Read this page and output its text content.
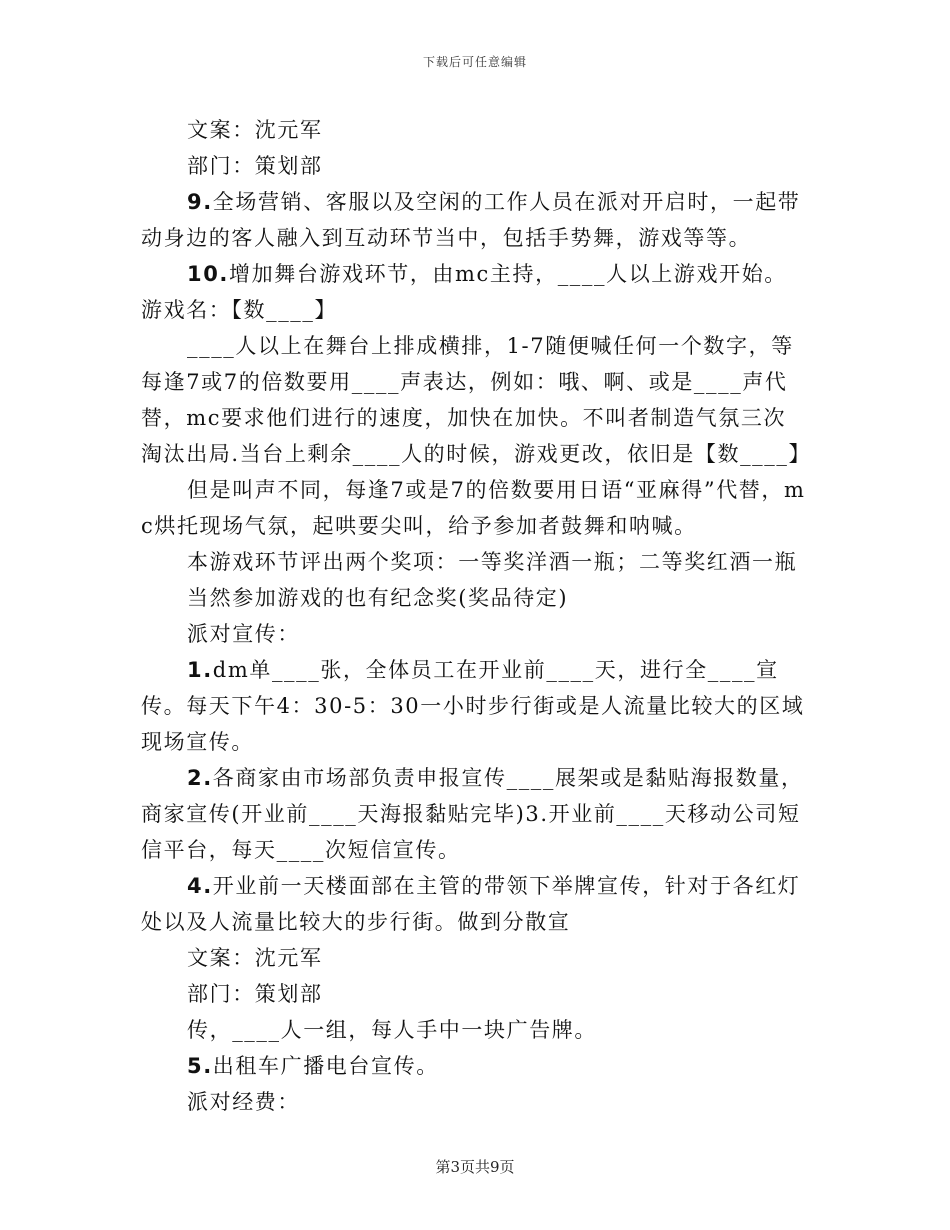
下载后可任意编辑

文案：沈元军

部门：策划部

9.全场营销、客服以及空闲的工作人员在派对开启时，一起带动身边的客人融入到互动环节当中，包括手势舞，游戏等等。

10.增加舞台游戏环节，由mc主持，____人以上游戏开始。游戏名：【数____】

____人以上在舞台上排成横排，1-7随便喊任何一个数字，等每逢7或7的倍数要用____声表达，例如：哦、啊、或是____声代替，mc要求他们进行的速度，加快在加快。不叫者制造气氛三次淘汰出局.当台上剩余____人的时候，游戏更改，依旧是【数____】

但是叫声不同，每逢7或是7的倍数要用日语“亚麻得”代替，mc烘托现场气氛，起哄要尖叫，给予参加者鼓舞和呐喊。

本游戏环节评出两个奖项：一等奖洋酒一瓶；二等奖红酒一瓶

当然参加游戏的也有纪念奖(奖品待定)

派对宣传：

1.dm单____张，全体员工在开业前____天，进行全____宣传。每天下午4：30-5：30一小时步行街或是人流量比较大的区域现场宣传。

2.各商家由市场部负责申报宣传____展架或是黏贴海报数量，商家宣传(开业前____天海报黏贴完毕)3.开业前____天移动公司短信平台，每天____次短信宣传。

4.开业前一天楼面部在主管的带领下举牌宣传，针对于各红灯处以及人流量比较大的步行街。做到分散宣

文案：沈元军

部门：策划部

传，____人一组，每人手中一块广告牌。

5.出租车广播电台宣传。

派对经费：

第3页共9页
